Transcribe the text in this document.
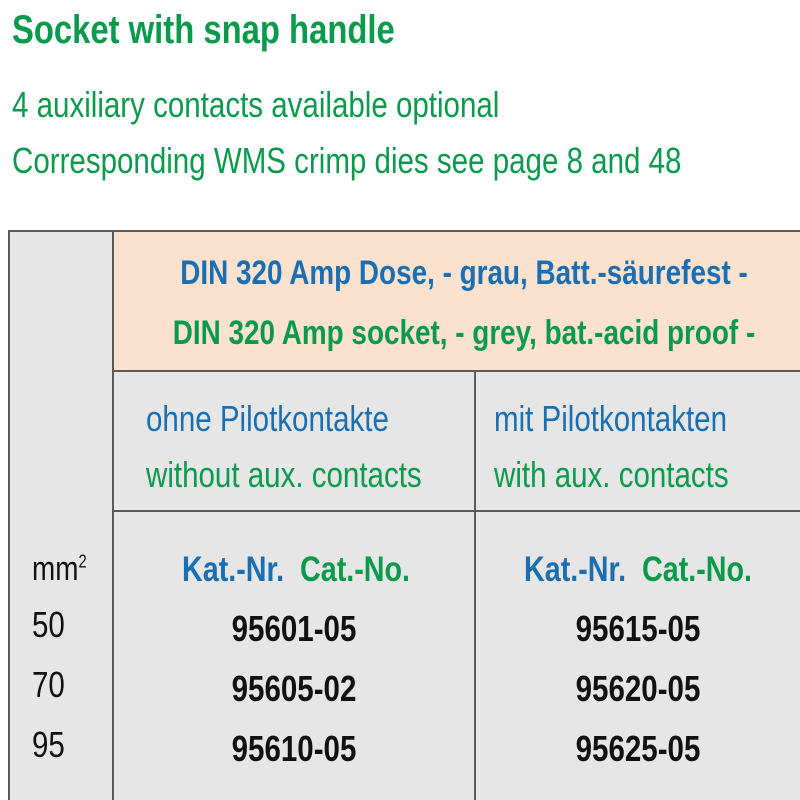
Socket with snap handle
4 auxiliary contacts available optional
Corresponding WMS crimp dies see page 8 and 48
$mm^2$
50
70
95
DIN 320 Amp Dose, - grau, Batt.-säurefest -
DIN 320 Amp socket, - grey, bat.-acid proof -
ohne Pilotkontakte
without aux. contacts
mit Pilotkontakten
with aux. contacts
Kat.-Nr. Cat.-No.
95601-05
95605-02
95610-05
Kat.-Nr. Cat.-No.
95615-05
95620-05
95625-05
